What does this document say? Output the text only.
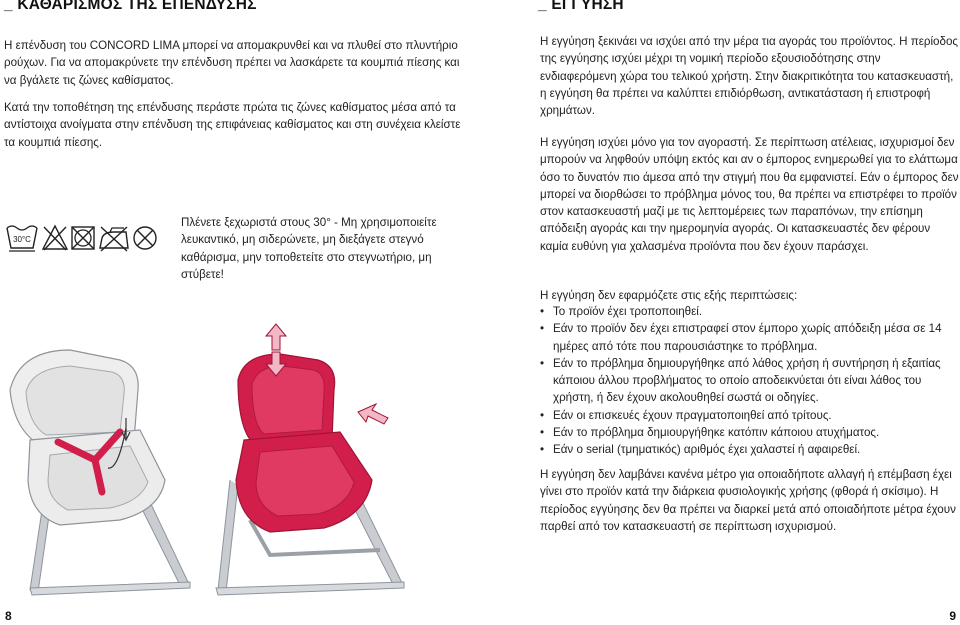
_ ΚΑΘΑΡΙΣΜΟΣ ΤΗΣ ΕΠΕΝΔΥΣΗΣ

Η επένδυση του CONCORD LIMA μπορεί να απομακρυνθεί και να πλυθεί στο πλυντήριο ρούχων. Για να απομακρύνετε την επένδυση πρέπει να λασκάρετε τα κουμπιά πίεσης και να βγάλετε τις ζώνες καθίσματος.

Κατά την τοποθέτηση της επένδυσης περάστε πρώτα τις ζώνες καθίσματος μέσα από τα αντίστοιχα ανοίγματα στην επένδυση της επιφάνειας καθίσματος και στη συνέχεια κλείστε τα κουμπιά πίεσης.

30°C

Πλένετε ξεχωριστά στους 30° - Μη χρησιμοποιείτε λευκαντικό, μη σιδερώνετε, μη διεξάγετε στεγνό καθάρισμα, μην τοποθετείτε στο στεγνωτήριο, μη στύβετε!

8
_ ΕΓΓΥΗΣΗ

Η εγγύηση ξεκινάει να ισχύει από την μέρα τια αγοράς του προϊόντος. Η περίοδος της εγγύησης ισχύει μέχρι τη νομική περίοδο εξουσιοδότησης στην ενδιαφερόμενη χώρα του τελικού χρήστη. Στην διακριτικότητα του κατασκευαστή, η εγγύηση θα πρέπει να καλύπτει επιδιόρθωση, αντικατάσταση ή επιστροφή χρημάτων.

Η εγγύηση ισχύει μόνο για τον αγοραστή. Σε περίπτωση ατέλειας, ισχυρισμοί δεν μπορούν να ληφθούν υπόψη εκτός και αν ο έμπορος ενημερωθεί για το ελάττωμα όσο το δυνατόν πιο άμεσα από την στιγμή που θα εμφανιστεί. Εάν ο έμπορος δεν μπορεί να διορθώσει το πρόβλημα μόνος του, θα πρέπει να επιστρέφει το προϊόν στον κατασκευαστή μαζί με τις λεπτομέρειες των παραπόνων, την επίσημη απόδειξη αγοράς και την ημερομηνία αγοράς. Οι κατασκευαστές δεν φέρουν καμία ευθύνη για χαλασμένα προϊόντα που δεν έχουν παράσχει.

Η εγγύηση δεν εφαρμόζετε στις εξής περιπτώσεις:

• Το προϊόν έχει τροποποιηθεί.
• Εάν το προϊόν δεν έχει επιστραφεί στον έμπορο χωρίς απόδειξη μέσα σε 14 ημέρες από τότε που παρουσιάστηκε το πρόβλημα.
• Εάν το πρόβλημα δημιουργήθηκε από λάθος χρήση ή συντήρηση ή εξαιτίας κάποιου άλλου προβλήματος το οποίο αποδεικνύεται ότι είναι λάθος του χρήστη, ή δεν έχουν ακολουθηθεί σωστά οι οδηγίες.
• Εάν οι επισκευές έχουν πραγματοποιηθεί από τρίτους.
• Εάν το πρόβλημα δημιουργήθηκε κατόπιν κάποιου ατυχήματος.
• Εάν ο serial (τμηματικός) αριθμός έχει χαλαστεί ή αφαιρεθεί.

Η εγγύηση δεν λαμβάνει κανένα μέτρο για οποιαδήποτε αλλαγή ή επέμβαση έχει γίνει στο προϊόν κατά την διάρκεια φυσιολογικής χρήσης (φθορά ή σκίσιμο). Η περίοδος εγγύησης δεν θα πρέπει να διαρκεί μετά από οποιαδήποτε μέτρα έχουν παρθεί από τον κατασκευαστή σε περίπτωση ισχυρισμού.

9
